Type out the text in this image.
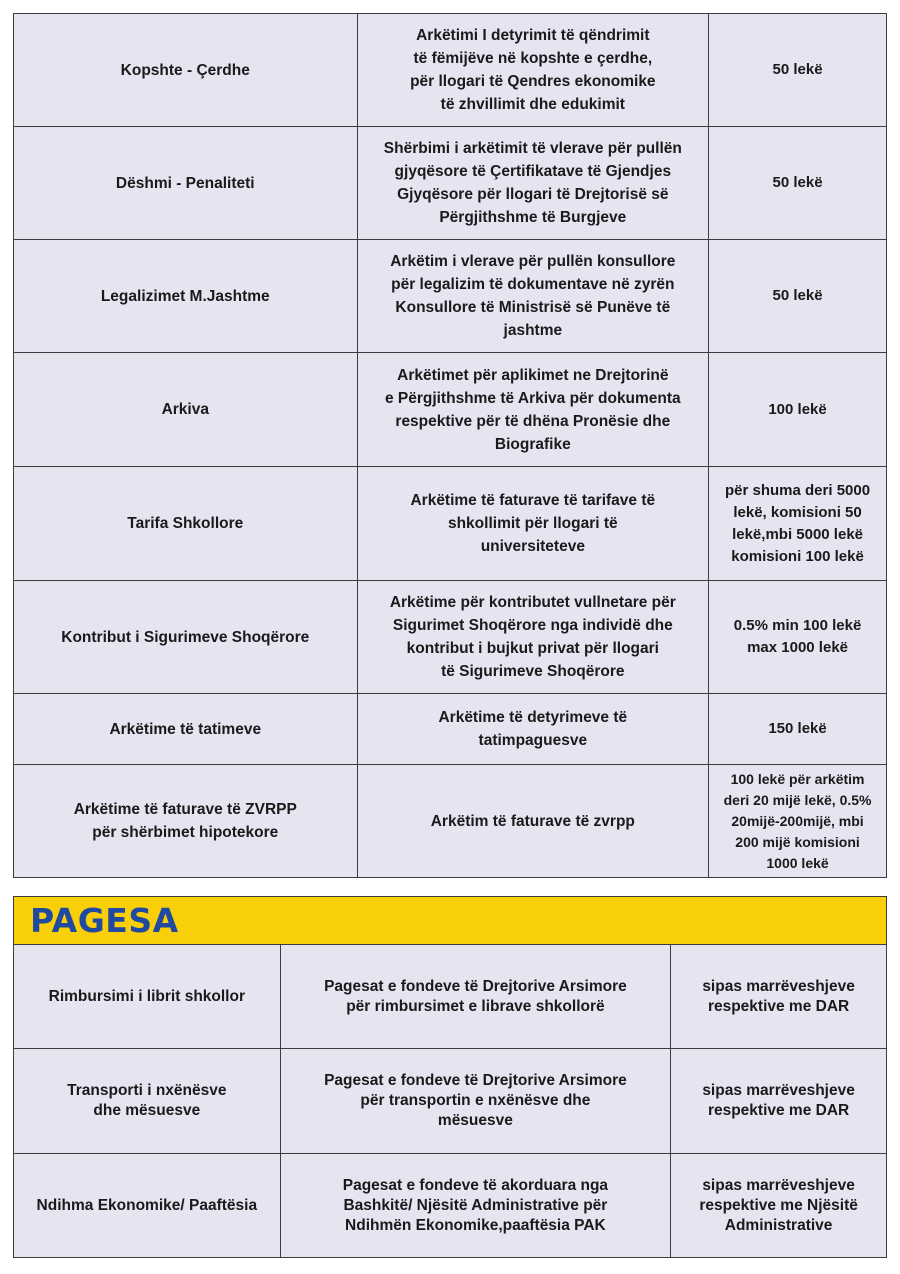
Kopshte - Çerdhe	Arkëtimi I detyrimit të qëndrimit
të fëmijëve në kopshte e çerdhe,
për llogari të Qendres ekonomike
të zhvillimit dhe edukimit	50 lekë

Dëshmi - Penaliteti	Shërbimi i arkëtimit të vlerave për pullën
gjyqësore të Çertifikatave të Gjendjes
Gjyqësore për llogari të Drejtorisë së
Përgjithshme të Burgjeve	50 lekë

Legalizimet M.Jashtme	Arkëtim i vlerave për pullën konsullore
për legalizim të dokumentave në zyrën
Konsullore të Ministrisë së Punëve të
jashtme	50 lekë

Arkiva	Arkëtimet për aplikimet ne Drejtorinë
e Përgjithshme të Arkiva për dokumenta
respektive për të dhëna Pronësie dhe
Biografike	100 lekë

Tarifa Shkollore	Arkëtime të faturave të tarifave të
shkollimit për llogari të
universiteteve	për shuma deri 5000
lekë, komisioni 50
lekë,mbi 5000 lekë
komisioni 100 lekë

Kontribut i Sigurimeve Shoqërore	Arkëtime për kontributet vullnetare për
Sigurimet Shoqërore nga individë dhe
kontribut i bujkut privat për llogari
të Sigurimeve Shoqërore	0.5% min 100 lekë
max 1000 lekë

Arkëtime të tatimeve	Arkëtime të detyrimeve të
tatimpaguesve	150 lekë

Arkëtime të faturave të ZVRPP
për shërbimet hipotekore	Arkëtim të faturave të zvrpp	100 lekë për arkëtim
deri 20 mijë lekë, 0.5%
20mijë-200mijë, mbi
200 mijë komisioni
1000 lekë
PAGESA
Rimbursimi i librit shkollor	Pagesat e fondeve të Drejtorive Arsimore
për rimbursimet e librave shkollorë	sipas marrëveshjeve
respektive me DAR

Transporti i nxënësve
dhe mësuesve	Pagesat e fondeve të Drejtorive Arsimore
për transportin e nxënësve dhe
mësuesve	sipas marrëveshjeve
respektive me DAR

Ndihma Ekonomike/ Paaftësia	Pagesat e fondeve të akorduara nga
Bashkitë/ Njësitë Administrative për
Ndihmën Ekonomike,paaftësia PAK	sipas marrëveshjeve
respektive me Njësitë
Administrative
